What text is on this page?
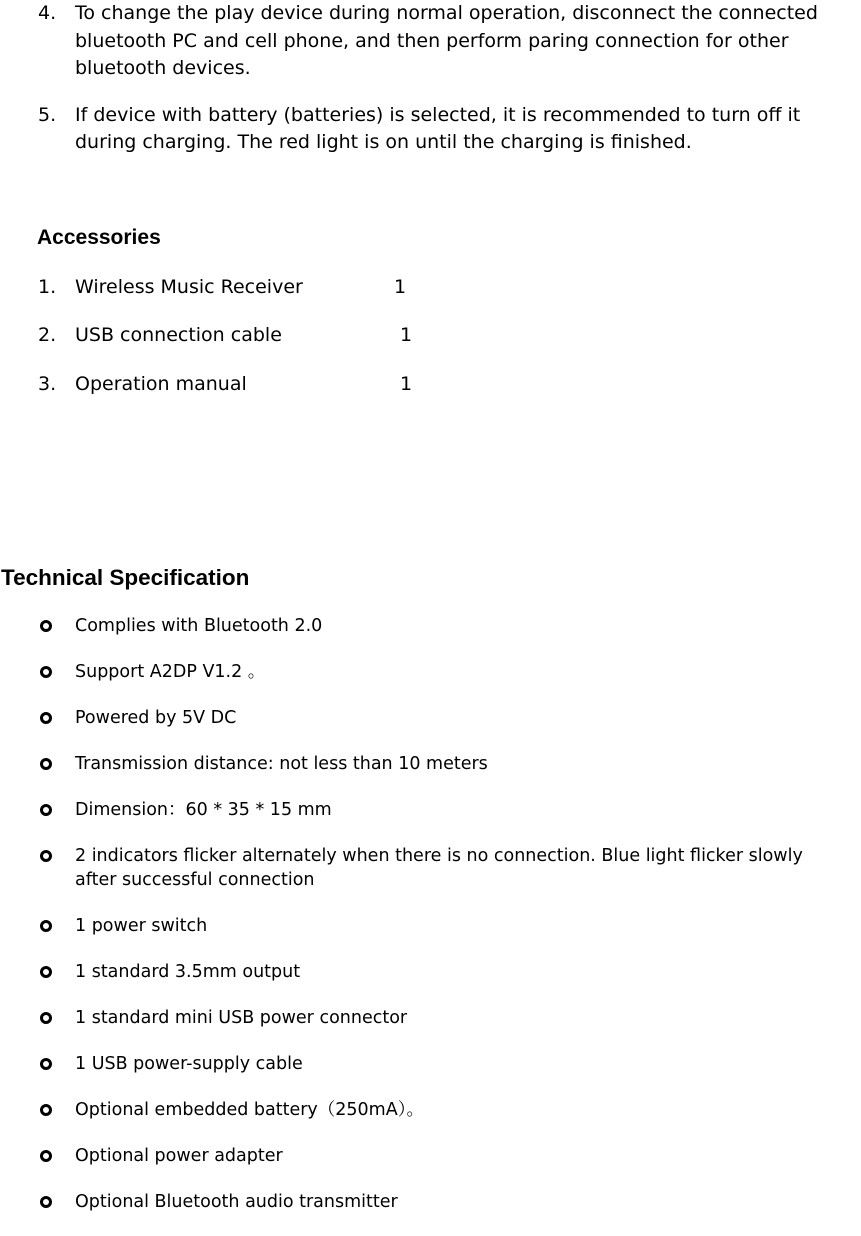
4. To change the play device during normal operation, disconnect the connected
bluetooth PC and cell phone, and then perform paring connection for other
bluetooth devices.
5. If device with battery (batteries) is selected, it is recommended to turn off it
during charging. The red light is on until the charging is finished.
Accessories
1. Wireless Music Receiver	1
2. USB connection cable	1
3. Operation manual	1
Technical Specification
Complies with Bluetooth 2.0
Support A2DP V1.2 。
Powered by 5V DC
Transmission distance: not less than 10 meters
Dimension：60 * 35 * 15 mm
2 indicators flicker alternately when there is no connection. Blue light flicker slowly
after successful connection
1 power switch
1 standard 3.5mm output
1 standard mini USB power connector
1 USB power-supply cable
Optional embedded battery（250mA）。
Optional power adapter
Optional Bluetooth audio transmitter
